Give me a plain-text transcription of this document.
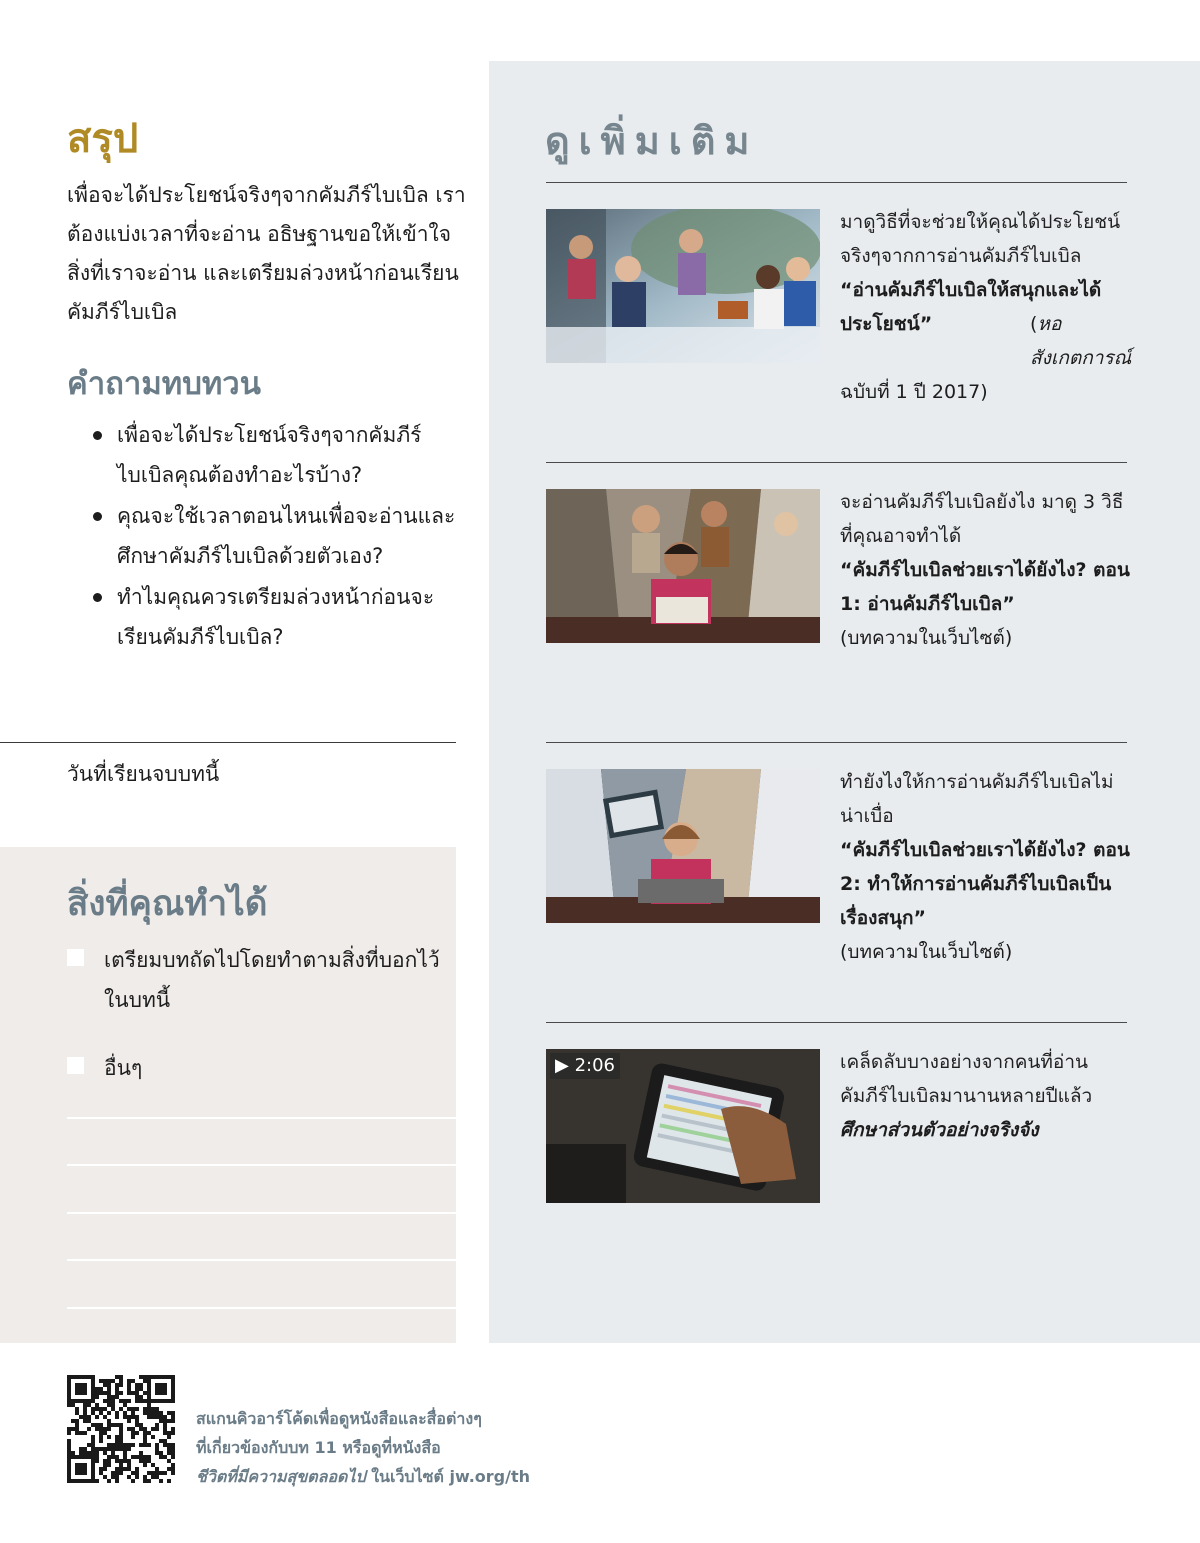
สรุป

เพื่อจะได้ประโยชน์จริงๆจากคัมภีร์ไบเบิล เราต้องแบ่งเวลาที่จะอ่าน อธิษฐานขอให้เข้าใจสิ่งที่เราจะอ่าน และเตรียมล่วงหน้าก่อนเรียนคัมภีร์ไบเบิล

คำถามทบทวน
เพื่อจะได้ประโยชน์จริงๆจากคัมภีร์ไบเบิลคุณต้องทำอะไรบ้าง?
คุณจะใช้เวลาตอนไหนเพื่อจะอ่านและศึกษาคัมภีร์ไบเบิลด้วยตัวเอง?
ทำไมคุณควรเตรียมล่วงหน้าก่อนจะเรียนคัมภีร์ไบเบิล?
วันที่เรียนจบบทนี้
สิ่งที่คุณทำได้
เตรียมบทถัดไปโดยทำตามสิ่งที่บอกไว้ในบทนี้
อื่นๆ
ดูเพิ่มเติม
มาดูวิธีที่จะช่วยให้คุณได้ประโยชน์จริงๆจากการอ่านคัมภีร์ไบเบิล
“อ่านคัมภีร์ไบเบิลให้สนุกและได้ประโยชน์”	(หอสังเกตการณ์
ฉบับที่ 1 ปี 2017)
จะอ่านคัมภีร์ไบเบิลยังไง มาดู 3 วิธีที่คุณอาจทำได้
“คัมภีร์ไบเบิลช่วยเราได้ยังไง? ตอน 1: อ่านคัมภีร์ไบเบิล”
(บทความในเว็บไซต์)
ทำยังไงให้การอ่านคัมภีร์ไบเบิลไม่น่าเบื่อ
“คัมภีร์ไบเบิลช่วยเราได้ยังไง? ตอน 2: ทำให้การอ่านคัมภีร์ไบเบิลเป็นเรื่องสนุก”
(บทความในเว็บไซต์)
▶ 2:06	เคล็ดลับบางอย่างจากคนที่อ่านคัมภีร์ไบเบิลมานานหลายปีแล้ว
ศึกษาส่วนตัวอย่างจริงจัง
สแกนคิวอาร์โค้ดเพื่อดูหนังสือและสื่อต่างๆ
ที่เกี่ยวข้องกับบท 11 หรือดูที่หนังสือ
ชีวิตที่มีความสุขตลอดไป ในเว็บไซต์ jw.org/th
